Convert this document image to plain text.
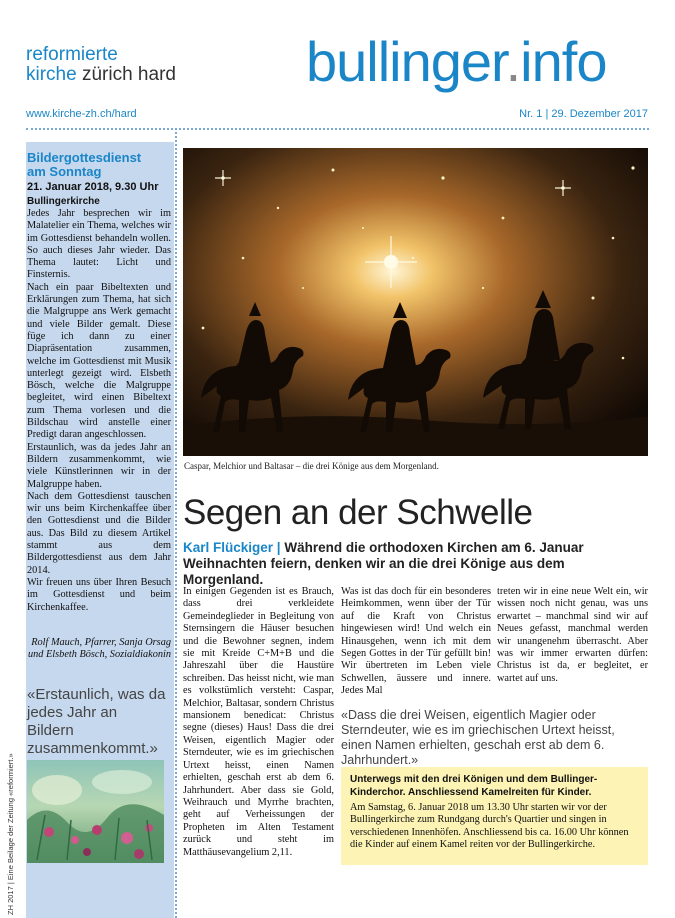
reformierte
kirche zürich hard bullinger.info
www.kirche-zh.ch/hard	Nr. 1 | 29. Dezember 2017
Bildergottesdienst
am Sonntag
21. Januar 2018, 9.30 Uhr
Bullingerkirche

Jedes Jahr besprechen wir im Malatelier ein Thema, welches wir im Gottesdienst behandeln wollen. So auch dieses Jahr wieder. Das Thema lautet: Licht und Finsternis.

Nach ein paar Bibeltexten und Erklärungen zum Thema, hat sich die Malgruppe ans Werk gemacht und viele Bilder gemalt. Diese füge ich dann zu einer Diapräsentation zusammen, welche im Gottesdienst mit Musik unterlegt gezeigt wird. Elsbeth Bösch, welche die Malgruppe begleitet, wird einen Bibeltext zum Thema vorlesen und die Bildschau wird anstelle einer Predigt daran angeschlossen.

Erstaunlich, was da jedes Jahr an Bildern zusammenkommt, wie viele Künstlerinnen wir in der Malgruppe haben.

Nach dem Gottesdienst tauschen wir uns beim Kirchenkaffee über den Gottesdienst und die Bilder aus. Das Bild zu diesem Artikel stammt aus dem Bildergottesdienst aus dem Jahr 2014.

Wir freuen uns über Ihren Besuch im Gottesdienst und beim Kirchenkaffee.

Rolf Mauch, Pfarrer, Sanja Orsag und Elsbeth Bösch, Sozialdiakonin
«Erstaunlich, was da jedes Jahr an Bildern zusammenkommt.»
ZH 2017 | Eine Beilage der Zeitung «reformiert.»
Caspar, Melchior und Baltasar – die drei Könige aus dem Morgenland.
Segen an der Schwelle
Karl Flückiger | Während die orthodoxen Kirchen am 6. Januar Weihnachten feiern, denken wir an die drei Könige aus dem Morgenland.
In einigen Gegenden ist es Brauch, dass drei verkleidete Gemeindeglieder in Begleitung von Sternsingern die Häuser besuchen und die Bewohner segnen, indem sie mit Kreide C+M+B und die Jahreszahl über die Haustüre schreiben. Das heisst nicht, wie man es volkstümlich versteht: Caspar, Melchior, Baltasar, sondern Christus mansionem benedicat: Christus segne (dieses) Haus! Dass die drei Weisen, eigentlich Magier oder Sterndeuter, wie es im griechischen Urtext heisst, einen Namen erhielten, geschah erst ab dem 6. Jahrhundert. Aber dass sie Gold, Weihrauch und Myrrhe brachten, geht auf Verheissungen der Propheten im Alten Testament zurück und steht im Matthäusevangelium 2,11.
Was ist das doch für ein besonderes Heimkommen, wenn über der Tür auf die Kraft von Christus hingewiesen wird! Und welch ein Hinausgehen, wenn ich mit dem Segen Gottes in der Tür gefüllt bin! Wir übertreten im Leben viele Schwellen, äussere und innere. Jedes Mal
treten wir in eine neue Welt ein, wir wissen noch nicht genau, was uns erwartet – manchmal sind wir auf Neues gefasst, manchmal werden wir unangenehm überrascht. Aber was wir immer erwarten dürfen: Christus ist da, er begleitet, er wartet auf uns.
«Dass die drei Weisen, eigentlich Magier oder Sterndeuter, wie es im griechischen Urtext heisst, einen Namen erhielten, geschah erst ab dem 6. Jahrhundert.»
Unterwegs mit den drei Königen und dem Bullinger-Kinderchor. Anschliessend Kamelreiten für Kinder.
Am Samstag, 6. Januar 2018 um 13.30 Uhr starten wir vor der Bullingerkirche zum Rundgang durch's Quartier und singen in verschiedenen Innenhöfen. Anschliessend bis ca. 16.00 Uhr können die Kinder auf einem Kamel reiten vor der Bullingerkirche.
